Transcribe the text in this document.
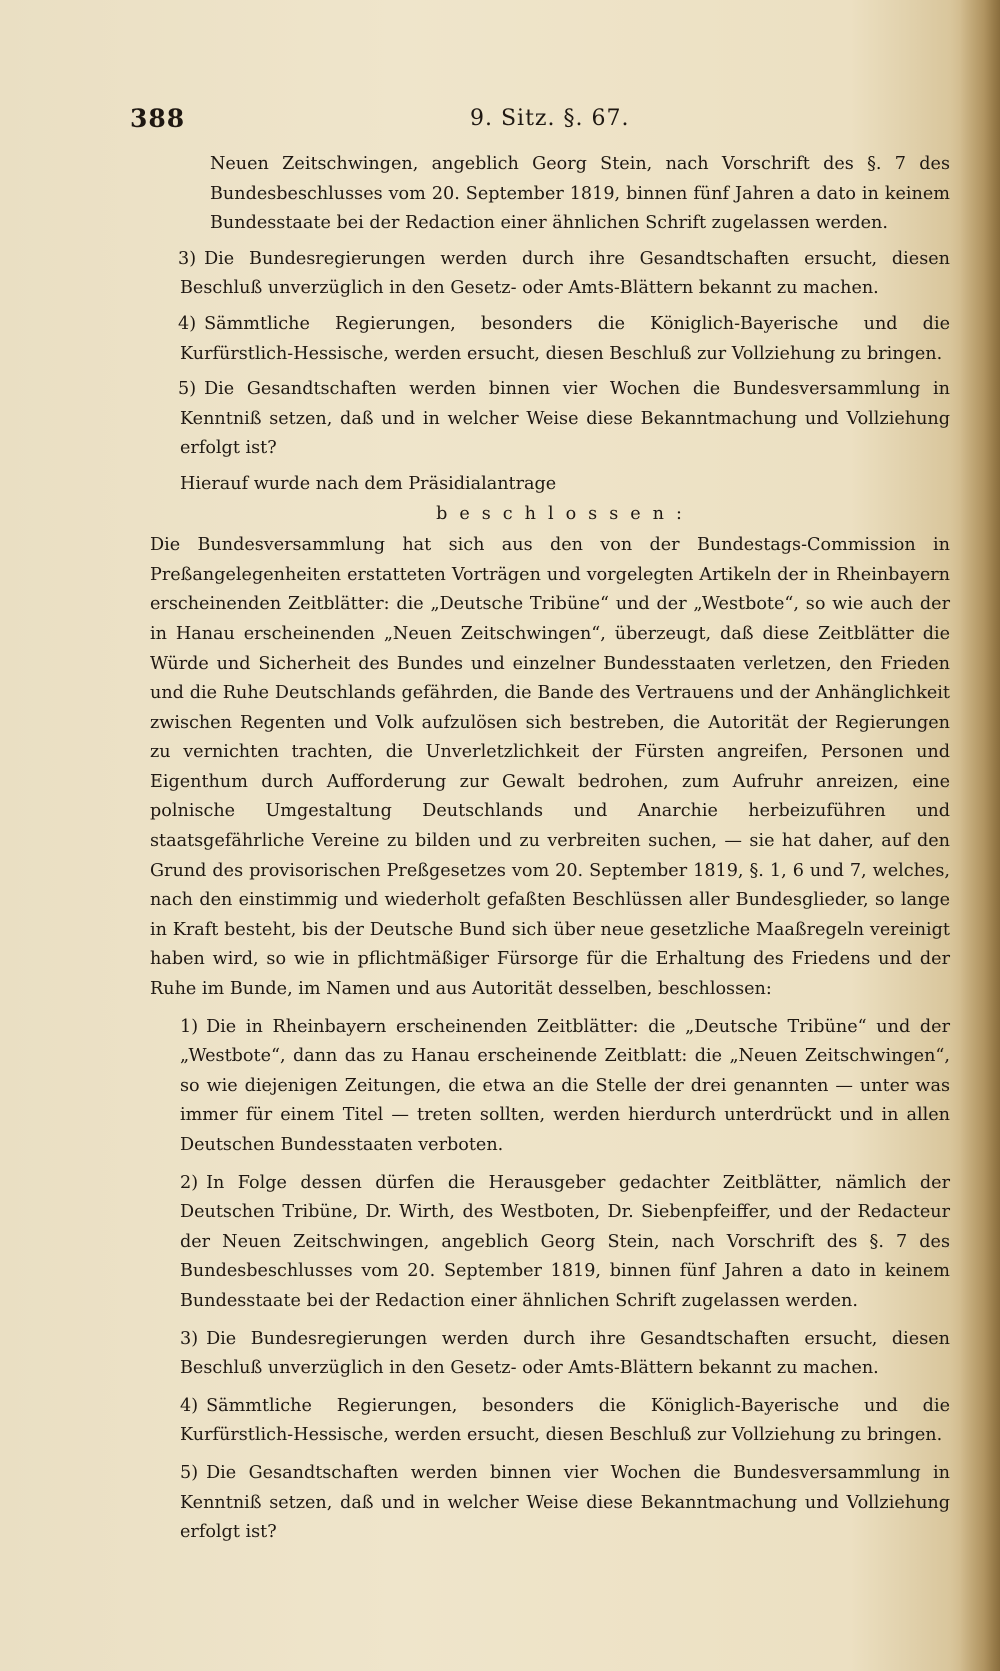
388	9. Sitz. §. 67.

Neuen Zeitschwingen, angeblich Georg Stein, nach Vorschrift des §. 7 des Bundesbeschlusses vom 20. September 1819, binnen fünf Jahren a dato in keinem Bundesstaate bei der Redaction einer ähnlichen Schrift zugelassen werden.

3) Die Bundesregierungen werden durch ihre Gesandtschaften ersucht, diesen Beschluß unverzüglich in den Gesetz- oder Amts-Blättern bekannt zu machen.

4) Sämmtliche Regierungen, besonders die Königlich-Bayerische und die Kurfürstlich-Hessische, werden ersucht, diesen Beschluß zur Vollziehung zu bringen.

5) Die Gesandtschaften werden binnen vier Wochen die Bundesversammlung in Kenntniß setzen, daß und in welcher Weise diese Bekanntmachung und Vollziehung erfolgt ist?

Hierauf wurde nach dem Präsidialantrage

beschlossen:

Die Bundesversammlung hat sich aus den von der Bundestags-Commission in Preßangelegenheiten erstatteten Vorträgen und vorgelegten Artikeln der in Rheinbayern erscheinenden Zeitblätter: die „Deutsche Tribüne“ und der „Westbote“, so wie auch der in Hanau erscheinenden „Neuen Zeitschwingen“, überzeugt, daß diese Zeitblätter die Würde und Sicherheit des Bundes und einzelner Bundesstaaten verletzen, den Frieden und die Ruhe Deutschlands gefährden, die Bande des Vertrauens und der Anhänglichkeit zwischen Regenten und Volk aufzulösen sich bestreben, die Autorität der Regierungen zu vernichten trachten, die Unverletzlichkeit der Fürsten angreifen, Personen und Eigenthum durch Aufforderung zur Gewalt bedrohen, zum Aufruhr anreizen, eine polnische Umgestaltung Deutschlands und Anarchie herbeizuführen und staatsgefährliche Vereine zu bilden und zu verbreiten suchen, — sie hat daher, auf den Grund des provisorischen Preßgesetzes vom 20. September 1819, §. 1, 6 und 7, welches, nach den einstimmig und wiederholt gefaßten Beschlüssen aller Bundesglieder, so lange in Kraft besteht, bis der Deutsche Bund sich über neue gesetzliche Maaßregeln vereinigt haben wird, so wie in pflichtmäßiger Fürsorge für die Erhaltung des Friedens und der Ruhe im Bunde, im Namen und aus Autorität desselben, beschlossen:

1) Die in Rheinbayern erscheinenden Zeitblätter: die „Deutsche Tribüne“ und der „Westbote“, dann das zu Hanau erscheinende Zeitblatt: die „Neuen Zeitschwingen“, so wie diejenigen Zeitungen, die etwa an die Stelle der drei genannten — unter was immer für einem Titel — treten sollten, werden hierdurch unterdrückt und in allen Deutschen Bundesstaaten verboten.

2) In Folge dessen dürfen die Herausgeber gedachter Zeitblätter, nämlich der Deutschen Tribüne, Dr. Wirth, des Westboten, Dr. Siebenpfeiffer, und der Redacteur der Neuen Zeitschwingen, angeblich Georg Stein, nach Vorschrift des §. 7 des Bundesbeschlusses vom 20. September 1819, binnen fünf Jahren a dato in keinem Bundesstaate bei der Redaction einer ähnlichen Schrift zugelassen werden.

3) Die Bundesregierungen werden durch ihre Gesandtschaften ersucht, diesen Beschluß unverzüglich in den Gesetz- oder Amts-Blättern bekannt zu machen.

4) Sämmtliche Regierungen, besonders die Königlich-Bayerische und die Kurfürstlich-Hessische, werden ersucht, diesen Beschluß zur Vollziehung zu bringen.

5) Die Gesandtschaften werden binnen vier Wochen die Bundesversammlung in Kenntniß setzen, daß und in welcher Weise diese Bekanntmachung und Vollziehung erfolgt ist?
